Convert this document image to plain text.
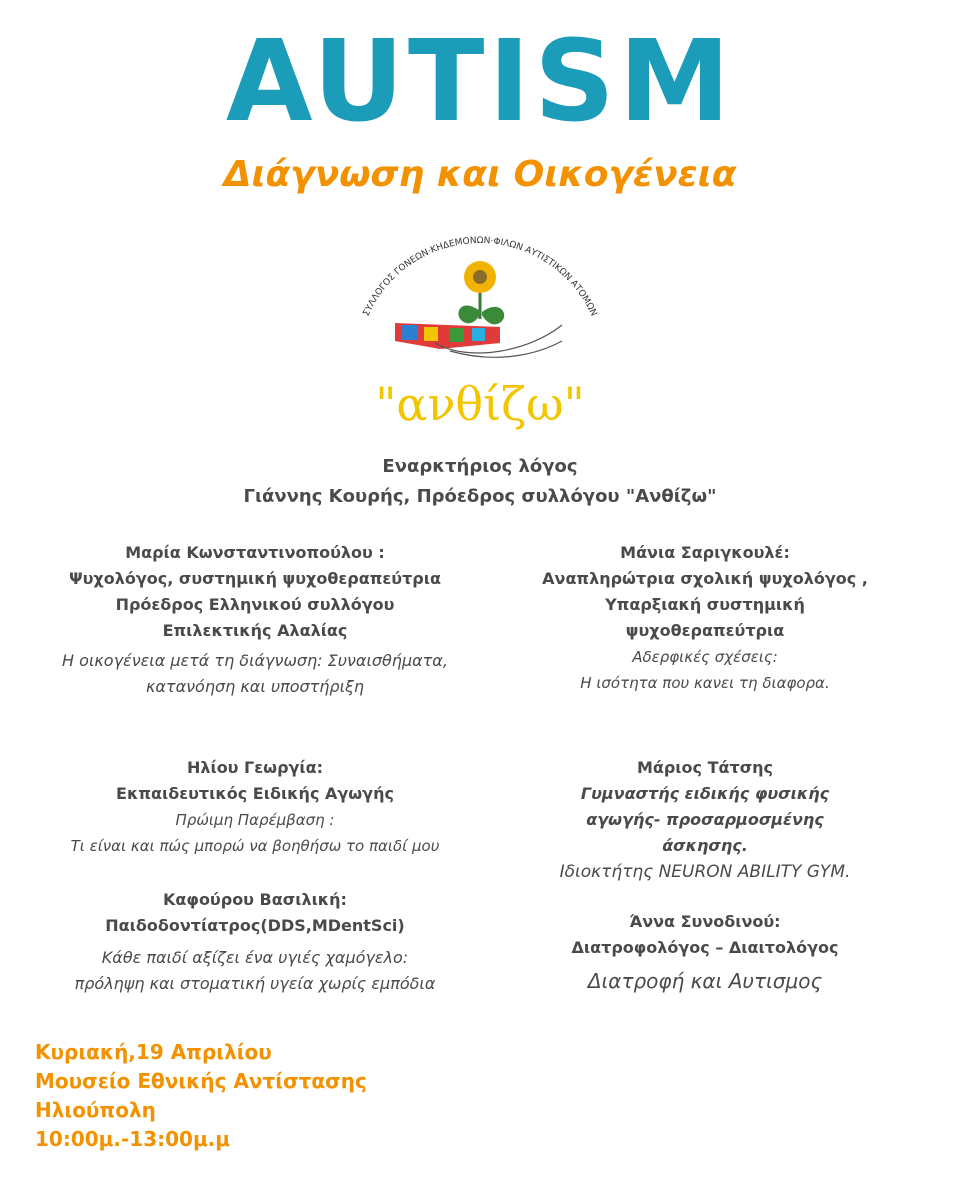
AUTISM
Διάγνωση και Οικογένεια
"ανθίζω"
ΣΥΛΛΟΓΟΣ ΓΟΝΕΩΝ·ΚΗΔΕΜΟΝΩΝ·ΦΙΛΩΝ ΑΥΤΙΣΤΙΚΩΝ ΑΤΟΜΩΝ
Εναρκτήριος λόγος
Γιάννης Κουρής, Πρόεδρος συλλόγου "Ανθίζω"
Μαρία Κωνσταντινοπούλου :
Ψυχολόγος, συστημική ψυχοθεραπεύτρια
Πρόεδρος Ελληνικού συλλόγου
Επιλεκτικής Αλαλίας
Η οικογένεια μετά τη διάγνωση: Συναισθήματα,
κατανόηση και υποστήριξη
Ηλίου Γεωργία:
Εκπαιδευτικός Ειδικής Αγωγής
Πρώιμη Παρέμβαση :
Τι είναι και πώς μπορώ να βοηθήσω το παιδί μου
Καφούρου Βασιλική:
Παιδοδοντίατρος(DDS,MDentSci)
Κάθε παιδί αξίζει ένα υγιές χαμόγελο:
πρόληψη και στοματική υγεία χωρίς εμπόδια
Μάνια Σαριγκουλέ:
Αναπληρώτρια σχολική ψυχολόγος ,
Υπαρξιακή συστημική
ψυχοθεραπεύτρια
Αδερφικές σχέσεις:
Η ισότητα που κανει τη διαφορα.
Μάριος Τάτσης
Γυμναστής ειδικής φυσικής
αγωγής- προσαρμοσμένης
άσκησης.
Ιδιοκτήτης NEURON ABILITY GYM.
Άννα Συνοδινού:
Διατροφολόγος – Διαιτολόγος
Διατροφή και Αυτισμος
Κυριακή,19 Απριλίου
Μουσείο Εθνικής Αντίστασης
Ηλιούπολη
10:00μ.-13:00μ.μ
